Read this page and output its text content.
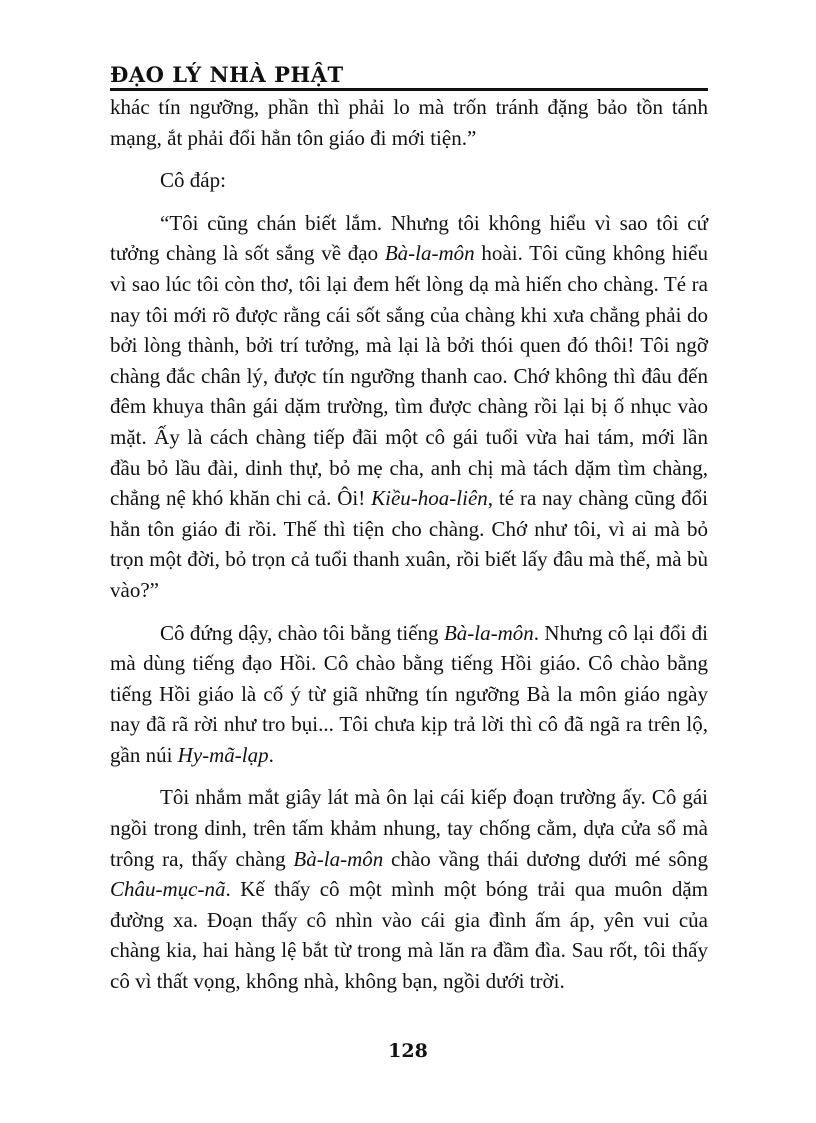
ĐẠO LÝ NHÀ PHẬT

khác tín ngưỡng, phần thì phải lo mà trốn tránh đặng bảo tồn tánh mạng, ắt phải đổi hẳn tôn giáo đi mới tiện.”

Cô đáp:

“Tôi cũng chán biết lắm. Nhưng tôi không hiểu vì sao tôi cứ tưởng chàng là sốt sắng về đạo Bà-la-môn hoài. Tôi cũng không hiểu vì sao lúc tôi còn thơ, tôi lại đem hết lòng dạ mà hiến cho chàng. Té ra nay tôi mới rõ được rằng cái sốt sắng của chàng khi xưa chẳng phải do bởi lòng thành, bởi trí tưởng, mà lại là bởi thói quen đó thôi! Tôi ngỡ chàng đắc chân lý, được tín ngưỡng thanh cao. Chớ không thì đâu đến đêm khuya thân gái dặm trường, tìm được chàng rồi lại bị ố nhục vào mặt. Ấy là cách chàng tiếp đãi một cô gái tuổi vừa hai tám, mới lần đầu bỏ lầu đài, dinh thự, bỏ mẹ cha, anh chị mà tách dặm tìm chàng, chẳng nệ khó khăn chi cả. Ôi! Kiều-hoa-liên, té ra nay chàng cũng đổi hẳn tôn giáo đi rồi. Thế thì tiện cho chàng. Chớ như tôi, vì ai mà bỏ trọn một đời, bỏ trọn cả tuổi thanh xuân, rồi biết lấy đâu mà thế, mà bù vào?”

Cô đứng dậy, chào tôi bằng tiếng Bà-la-môn. Nhưng cô lại đổi đi mà dùng tiếng đạo Hồi. Cô chào bằng tiếng Hồi giáo. Cô chào bằng tiếng Hồi giáo là cố ý từ giã những tín ngưỡng Bà la môn giáo ngày nay đã rã rời như tro bụi... Tôi chưa kịp trả lời thì cô đã ngã ra trên lộ, gần núi Hy-mã-lạp.

Tôi nhắm mắt giây lát mà ôn lại cái kiếp đoạn trường ấy. Cô gái ngồi trong dinh, trên tấm khảm nhung, tay chống cằm, dựa cửa sổ mà trông ra, thấy chàng Bà-la-môn chào vầng thái dương dưới mé sông Châu-mục-nã. Kế thấy cô một mình một bóng trải qua muôn dặm đường xa. Đoạn thấy cô nhìn vào cái gia đình ấm áp, yên vui của chàng kia, hai hàng lệ bắt từ trong mà lăn ra đầm đìa. Sau rốt, tôi thấy cô vì thất vọng, không nhà, không bạn, ngồi dưới trời.

128
